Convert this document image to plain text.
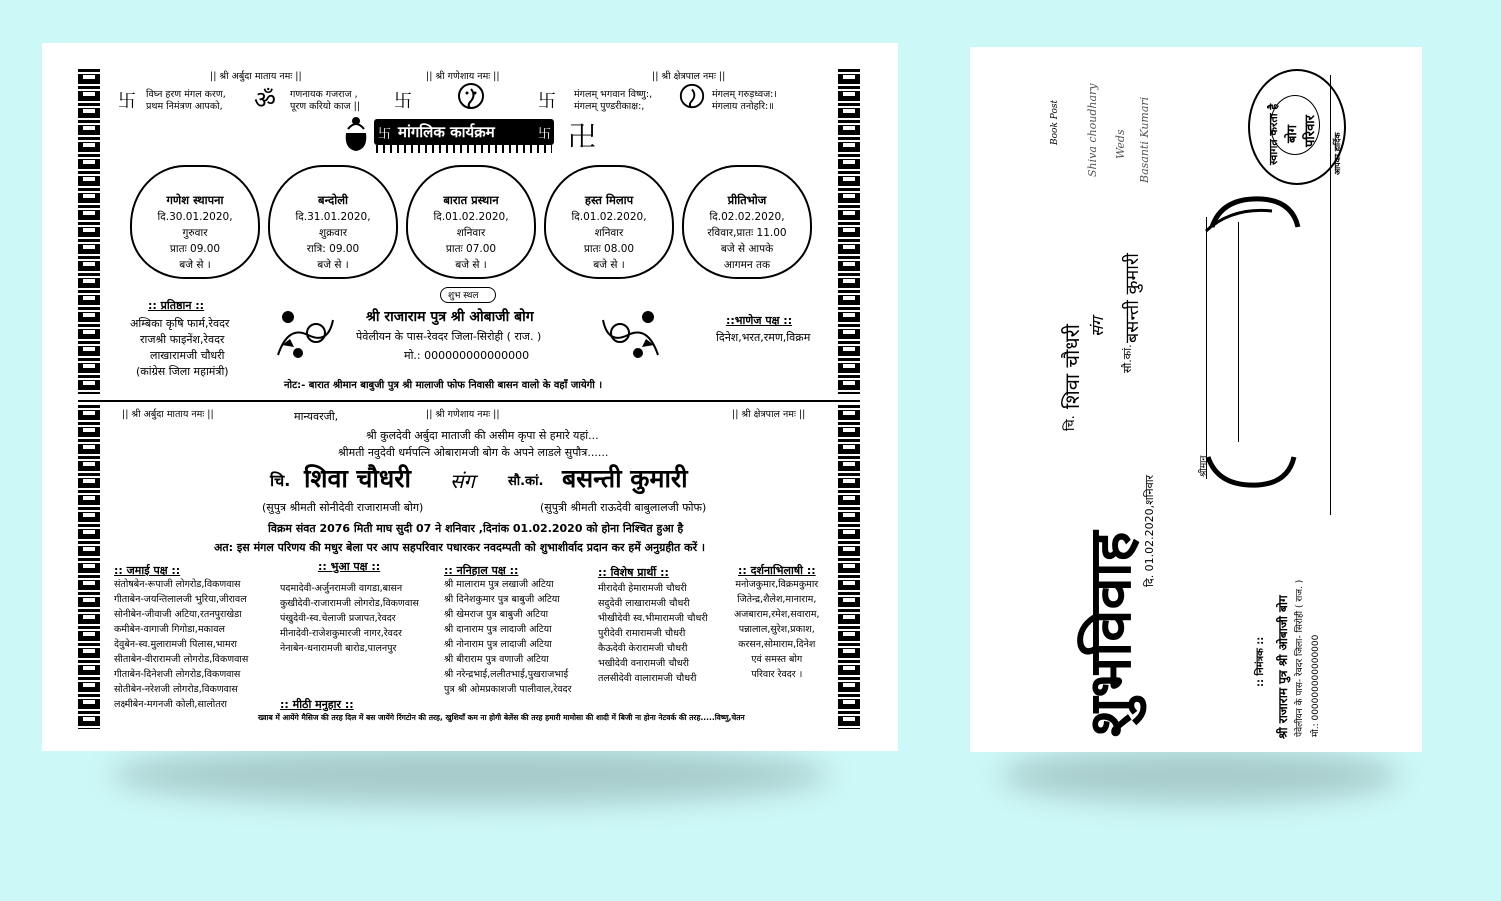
|| श्री अर्बुदा माताय नमः ||	|| श्री गणेशाय नमः ||	|| श्री क्षेत्रपाल नमः ||
卐 विघ्न हरण मंगल करण,
प्रथम निमंत्रण आपको, ॐ गणनायक गजराज ,
पूरण करियो काज || 卐	卐 मंगलम् भगवान विष्णु:,
मंगलम् पुण्डरीकाक्ष:,
मंगलम् गरुड़ध्वज:।
मंगलाय तनोहरि:॥
卐 मांगलिक कार्यक्रम	卐 卍
गणेश स्थापना
दि.30.01.2020,
गुरुवार
प्रातः 09.00
बजे से ।
बन्दोली
दि.31.01.2020,
शुक्रवार
रात्रि: 09.00
बजे से ।
बारात प्रस्थान
दि.01.02.2020,
शनिवार
प्रातः 07.00
बजे से ।
हस्त मिलाप
दि.01.02.2020,
शनिवार
प्रातः 08.00
बजे से ।
प्रीतिभोज
दि.02.02.2020,
रविवार,प्रातः 11.00
बजे से आपके
आगमन तक
:: प्रतिष्ठान ::
अम्बिका कृषि फार्म,रेवदर
राजश्री फाइनेंश,रेवदर
लाखारामजी चौधरी
(कांग्रेस जिला महामंत्री)
शुभ स्थल
श्री राजाराम पुत्र श्री ओबाजी बोग
पेवेलीयन के पास-रेवदर जिला-सिरोही ( राज. )
मो.: 000000000000000
::भाणेज पक्ष ::
दिनेश,भरत,रमण,विक्रम
नोट:- बारात श्रीमान बाबुजी पुत्र श्री मालाजी फोफ निवासी बासन वालो के वहाँ जायेगी ।
|| श्री अर्बुदा माताय नमः ||	|| श्री गणेशाय नमः ||	|| श्री क्षेत्रपाल नमः ||
मान्यवरजी,
श्री कुलदेवी अर्बुदा माताजी की असीम कृपा से हमारे यहां...
श्रीमती नवुदेवी धर्मपत्नि ओबारामजी बोग के अपने लाडले सुपौत्र......
चि. शिवा चौधरी संग	सौ.कां. बसन्ती कुमारी
(सुपुत्र श्रीमती सोनीदेवी राजारामजी बोग)	(सुपुत्री श्रीमती राऊदेवी बाबुलालजी फोफ)
विक्रम संवत 2076 मिती माघ सुदी 07 ने शनिवार ,दिनांक 01.02.2020 को होना निश्चित हुआ है
अत: इस मंगल परिणय की मधुर बेला पर आप सहपरिवार पधारकर नवदम्पती को शुभाशीर्वाद प्रदान कर हमें अनुग्रहीत करें ।
:: जमाई पक्ष ::
संतोषबेन-रूपाजी लोगरोड,विकणवास
गीताबेन-जयन्तिलालजी भुरिया,जीरावल
सोनीबेन-जीवाजी अटिया,रतनपुराखेडा
कमीबेन-वागाजी गिगोडा,मकावल
देवुबेन-स्व.मुलारामजी पिलास,भामरा
सीताबेन-वीरारामजी लोगरोड,विकणवास
गीताबेन-दिनेशजी लोगरोड,विकणवास
सोतीबेन-नरेशजी लोगरोड,विकणवास
लक्ष्मीबेन-मगनजी कोली,सालोतरा
:: भुआ पक्ष ::
पदमादेवी-अर्जुनरामजी वागडा,बासन
कुखीदेवी-राजारामजी लोगरोड,विकणवास
पंखुदेवी-स्व.चेलाजी प्रजापत,रेवदर
मीनादेवी-राजेशकुमारजी नागर,रेवदर
नेनाबेन-धनारामजी बारोड,पालनपुर
:: मीठी मनुहार ::
:: ननिहाल पक्ष ::
श्री मालाराम पुत्र लखाजी अटिया
श्री दिनेशकुमार पुत्र बाबुजी अटिया
श्री खेमराज पुत्र बाबुजी अटिया
श्री दानाराम पुत्र लादाजी अटिया
श्री नोनाराम पुत्र लादाजी अटिया
श्री बीराराम पुत्र वणाजी अटिया
श्री नरेन्द्रभाई,ललीतभाई,पुखराजभाई
पुत्र श्री ओमप्रकाशजी पालीवाल,रेवदर
:: विशेष प्रार्थी ::
मीरादेवी हेमारामजी चौधरी
सदुदेवी लाखारामजी चौधरी
भीखीदेवी स्व.भीमारामजी चौधरी
पुरीदेवी रामारामजी चौधरी
कैऊदेवी केरारामजी चौधरी
भखीदेवी वनारामजी चौधरी
तलसीदेवी वालारामजी चौधरी
:: दर्शनाभिलाषी ::
मनोजकुमार,विक्रमकुमार
जितेन्द्र,शैलेश,मानाराम,
अजबाराम,रमेश,सवाराम,
पन्नालाल,सुरेश,प्रकाश,
करसन,सोमाराम,दिनेश
एवं समस्त बोग
परिवार रेवदर ।
ख्वाब में आयेंगे मैसिज की तरह दिल में बस जायेंगे रिंगटोन की तरह, खुशियाँ कम ना होगी बेलेंस की तरह हमारी मामोसा की शादी में बिजी ना होना नेटवर्क की तरह.....विष्णु,चेतन
Book Post Shiva choudhary Weds Basanti Kumari	स्वागत करता है	आपका हार्दिक
बोग परिवार
चि.
शिवा चौधरी संग
सौ.कां.
बसन्ती कुमारी
श्रीमान
शुभविवाह
दि. 01.02.2020,शनिवार
:: निमंत्रक :: श्री राजाराम पुत्र श्री ओबाजी बोग पेवेलीयन के पास- रेवदर जिला- सिरोही ( राज. ) मो.: 000000000000000
